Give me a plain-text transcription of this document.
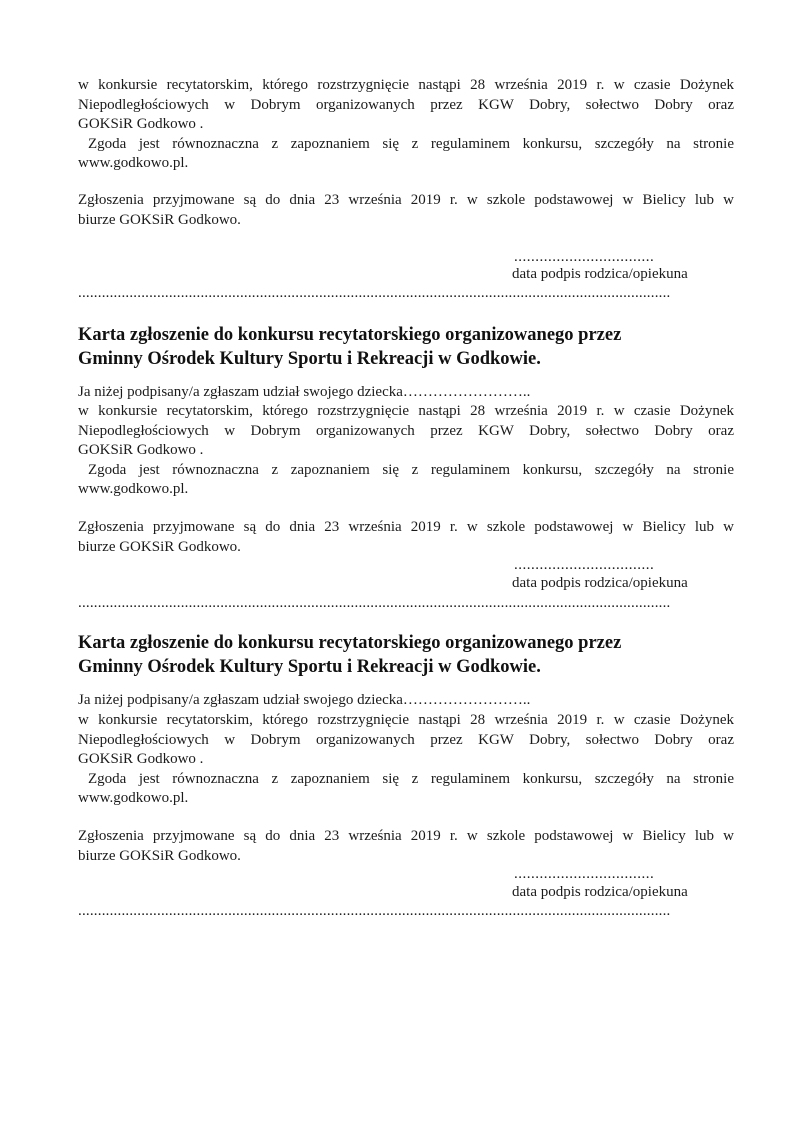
w konkursie recytatorskim, którego rozstrzygnięcie nastąpi 28 września 2019 r. w czasie Dożynek
Niepodległościowych w Dobrym organizowanych przez KGW Dobry, sołectwo Dobry oraz
GOKSiR Godkowo .
Zgoda jest równoznaczna z zapoznaniem się z regulaminem konkursu, szczegóły na stronie
www.godkowo.pl.
Zgłoszenia przyjmowane są do dnia 23 września 2019 r. w szkole podstawowej w Bielicy lub w
biurze GOKSiR Godkowo.
.................................
data podpis rodzica/opiekuna
......................................................................................................................................................
Karta zgłoszenie do konkursu recytatorskiego organizowanego przez
Gminny Ośrodek Kultury Sportu i Rekreacji w Godkowie.
Ja niżej podpisany/a zgłaszam udział swojego dziecka……………………..
w konkursie recytatorskim, którego rozstrzygnięcie nastąpi 28 września 2019 r. w czasie Dożynek
Niepodległościowych w Dobrym organizowanych przez KGW Dobry, sołectwo Dobry oraz
GOKSiR Godkowo .
Zgoda jest równoznaczna z zapoznaniem się z regulaminem konkursu, szczegóły na stronie
www.godkowo.pl.
Zgłoszenia przyjmowane są do dnia 23 września 2019 r. w szkole podstawowej w Bielicy lub w
biurze GOKSiR Godkowo.
.................................
data podpis rodzica/opiekuna
......................................................................................................................................................
Karta zgłoszenie do konkursu recytatorskiego organizowanego przez
Gminny Ośrodek Kultury Sportu i Rekreacji w Godkowie.
Ja niżej podpisany/a zgłaszam udział swojego dziecka……………………..
w konkursie recytatorskim, którego rozstrzygnięcie nastąpi 28 września 2019 r. w czasie Dożynek
Niepodległościowych w Dobrym organizowanych przez KGW Dobry, sołectwo Dobry oraz
GOKSiR Godkowo .
Zgoda jest równoznaczna z zapoznaniem się z regulaminem konkursu, szczegóły na stronie
www.godkowo.pl.
Zgłoszenia przyjmowane są do dnia 23 września 2019 r. w szkole podstawowej w Bielicy lub w
biurze GOKSiR Godkowo.
.................................
data podpis rodzica/opiekuna
......................................................................................................................................................
